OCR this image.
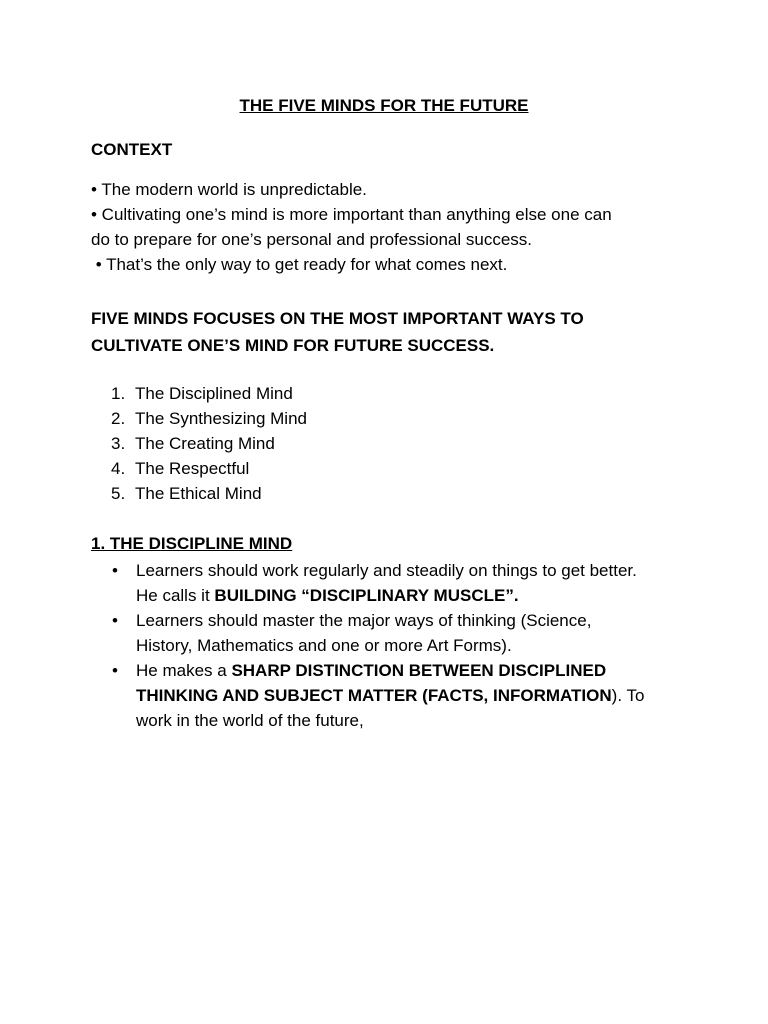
THE FIVE MINDS FOR THE FUTURE
CONTEXT
• The modern world is unpredictable.
• Cultivating one’s mind is more important than anything else one can
do to prepare for one’s personal and professional success.
• That’s the only way to get ready for what comes next.
FIVE MINDS FOCUSES ON THE MOST IMPORTANT WAYS TO
CULTIVATE ONE’S MIND FOR FUTURE SUCCESS.
1. The Disciplined Mind
2. The Synthesizing Mind
3. The Creating Mind
4. The Respectful
5. The Ethical Mind
1. THE DISCIPLINE MIND
• Learners should work regularly and steadily on things to get better. He calls it BUILDING “DISCIPLINARY MUSCLE”.
• Learners should master the major ways of thinking (Science, History, Mathematics and one or more Art Forms).
• He makes a SHARP DISTINCTION BETWEEN DISCIPLINED THINKING AND SUBJECT MATTER (FACTS, INFORMATION). To work in the world of the future,
